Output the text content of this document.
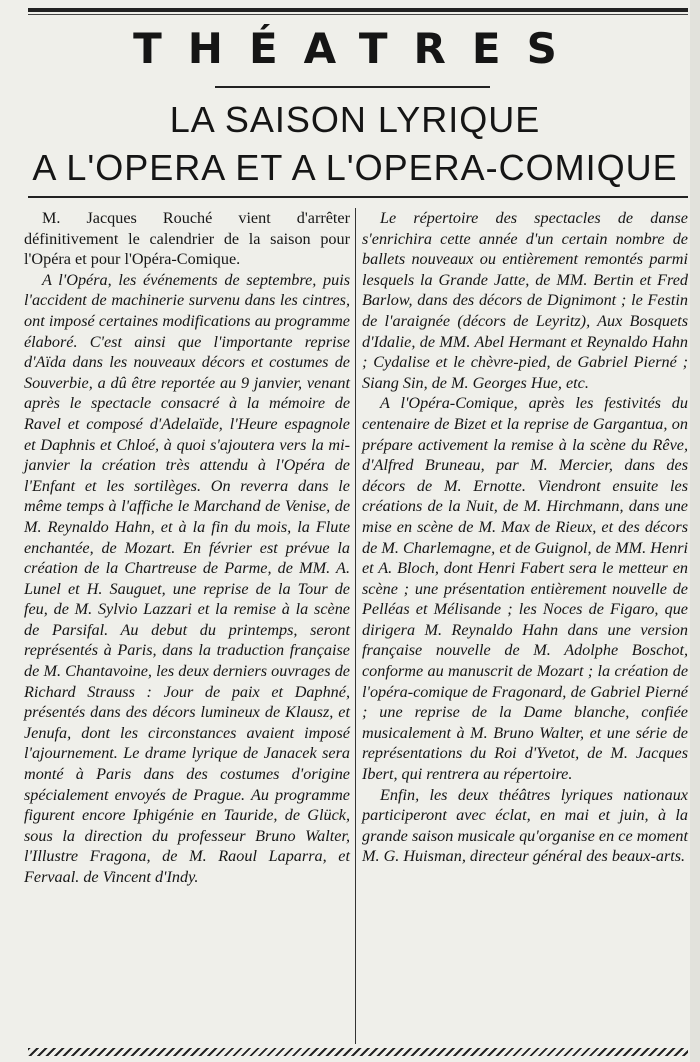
THÉATRES
LA SAISON LYRIQUE
A L'OPERA ET A L'OPERA-COMIQUE

M. Jacques Rouché vient d'arrêter définitivement le calendrier de la saison pour l'Opéra et pour l'Opéra-Comique.

A l'Opéra, les événements de septembre, puis l'accident de machinerie survenu dans les cintres, ont imposé certaines modifications au programme élaboré. C'est ainsi que l'importante reprise d'Aïda dans les nouveaux décors et costumes de Souverbie, a dû être reportée au 9 janvier, venant après le spectacle consacré à la mémoire de Ravel et composé d'Adelaïde, l'Heure espagnole et Daphnis et Chloé, à quoi s'ajoutera vers la mi-janvier la création très attendu à l'Opéra de l'Enfant et les sortilèges. On reverra dans le même temps à l'affiche le Marchand de Venise, de M. Reynaldo Hahn, et à la fin du mois, la Flute enchantée, de Mozart. En février est prévue la création de la Chartreuse de Parme, de MM. A. Lunel et H. Sauguet, une reprise de la Tour de feu, de M. Sylvio Lazzari et la remise à la scène de Parsifal. Au debut du printemps, seront représentés à Paris, dans la traduction française de M. Chantavoine, les deux derniers ouvrages de Richard Strauss : Jour de paix et Daphné, présentés dans des décors lumineux de Klausz, et Jenufa, dont les circonstances avaient imposé l'ajournement. Le drame lyrique de Janacek sera monté à Paris dans des costumes d'origine spécialement envoyés de Prague. Au programme figurent encore Iphigénie en Tauride, de Glück, sous la direction du professeur Bruno Walter, l'Illustre Fragona, de M. Raoul Laparra, et Fervaal. de Vincent d'Indy.

Le répertoire des spectacles de danse s'enrichira cette année d'un certain nombre de ballets nouveaux ou entièrement remontés parmi lesquels la Grande Jatte, de MM. Bertin et Fred Barlow, dans des décors de Dignimont ; le Festin de l'araignée (décors de Leyritz), Aux Bosquets d'Idalie, de MM. Abel Hermant et Reynaldo Hahn ; Cydalise et le chèvre-pied, de Gabriel Pierné ; Siang Sin, de M. Georges Hue, etc.

A l'Opéra-Comique, après les festivités du centenaire de Bizet et la reprise de Gargantua, on prépare activement la remise à la scène du Rêve, d'Alfred Bruneau, par M. Mercier, dans des décors de M. Ernotte. Viendront ensuite les créations de la Nuit, de M. Hirchmann, dans une mise en scène de M. Max de Rieux, et des décors de M. Charlemagne, et de Guignol, de MM. Henri et A. Bloch, dont Henri Fabert sera le metteur en scène ; une présentation entièrement nouvelle de Pelléas et Mélisande ; les Noces de Figaro, que dirigera M. Reynaldo Hahn dans une version française nouvelle de M. Adolphe Boschot, conforme au manuscrit de Mozart ; la création de l'opéra-comique de Fragonard, de Gabriel Pierné ; une reprise de la Dame blanche, confiée musicalement à M. Bruno Walter, et une série de représentations du Roi d'Yvetot, de M. Jacques Ibert, qui rentrera au répertoire.

Enfin, les deux théâtres lyriques nationaux participeront avec éclat, en mai et juin, à la grande saison musicale qu'organise en ce moment M. G. Huisman, directeur général des beaux-arts.
